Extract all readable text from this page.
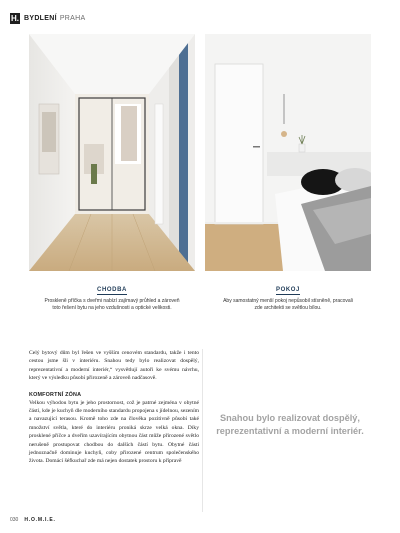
H. BYDLENÍ PRAHA
CHODBA
Proskleně příčka s dveřmi nabízí zajímavý průhled a zároveň toto řešení bytu na jeho vzdušnosti a optické velikosti.
POKOJ
Aby samostatný menší pokoj nepůsobil stísněně, pracovali zde architekti se světlou bílou.

Celý bytový dům byl řešen ve vyšším cenovém standardu, takže i tento cestou jsme šli v interiéru. Snahou tedy bylo realizovat dospělý, reprezentativní a moderní interiér,“ vysvětlují autoři ke svému návrhu, který ve výsledku působí přirozeně a zároveň nadčasově.

KOMFORTNÍ ZÓNA

Velkou výhodou bytu je jeho prostornost, což je patrné zejména v obytné části, kde je kuchyň dle moderního standardu propojena s jídelnou, sezením a navazující terasou. Kromě toho zde na člověka pozitivně působí také množství světla, které do interiéru proniká skrze velká okna. Díky prosklené příčce a dveřím uzavírajícím obytnou část může přirozené světlo nerušeně prostupovat chodbou do dalších částí bytu. Obytné části jednoznačně dominuje kuchyň, coby přirozené centrum společenského života. Domácí šéfkuchař zde má nejen dostatek prostoru k přípravě

Snahou bylo realizovat dospělý, reprezentativní a moderní interiér.
030 H.O.M.I.E.
